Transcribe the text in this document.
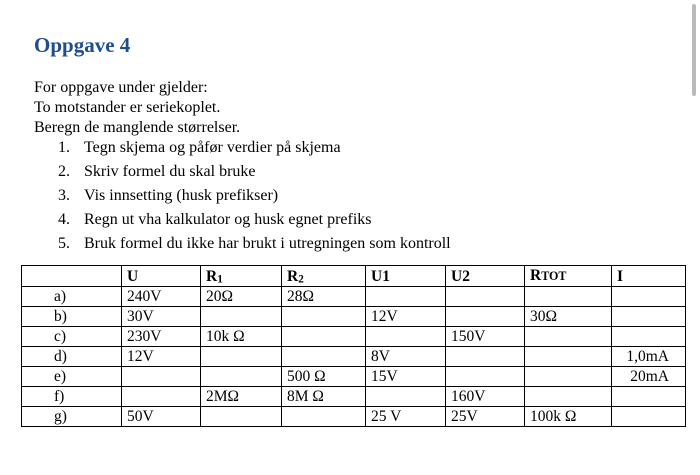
Oppgave 4
For oppgave under gjelder:
To motstander er seriekoplet.
Beregn de manglende størrelser.
1. Tegn skjema og påfør verdier på skjema
2. Skriv formel du skal bruke
3. Vis innsetting (husk prefikser)
4. Regn ut vha kalkulator og husk egnet prefiks
5. Bruk formel du ikke har brukt i utregningen som kontroll
	U	$R_1$	$R_2$	U1	U2	RTOT	I
a)	240V	20Ω	28Ω				
b)	30V			12V		30Ω	
c)	230V	10k Ω			150V		
d)	12V			8V			1,0mA
e)			500 Ω	15V			20mA
f)		2MΩ	8M Ω		160V		
g)	50V			25 V	25V	100k Ω	
